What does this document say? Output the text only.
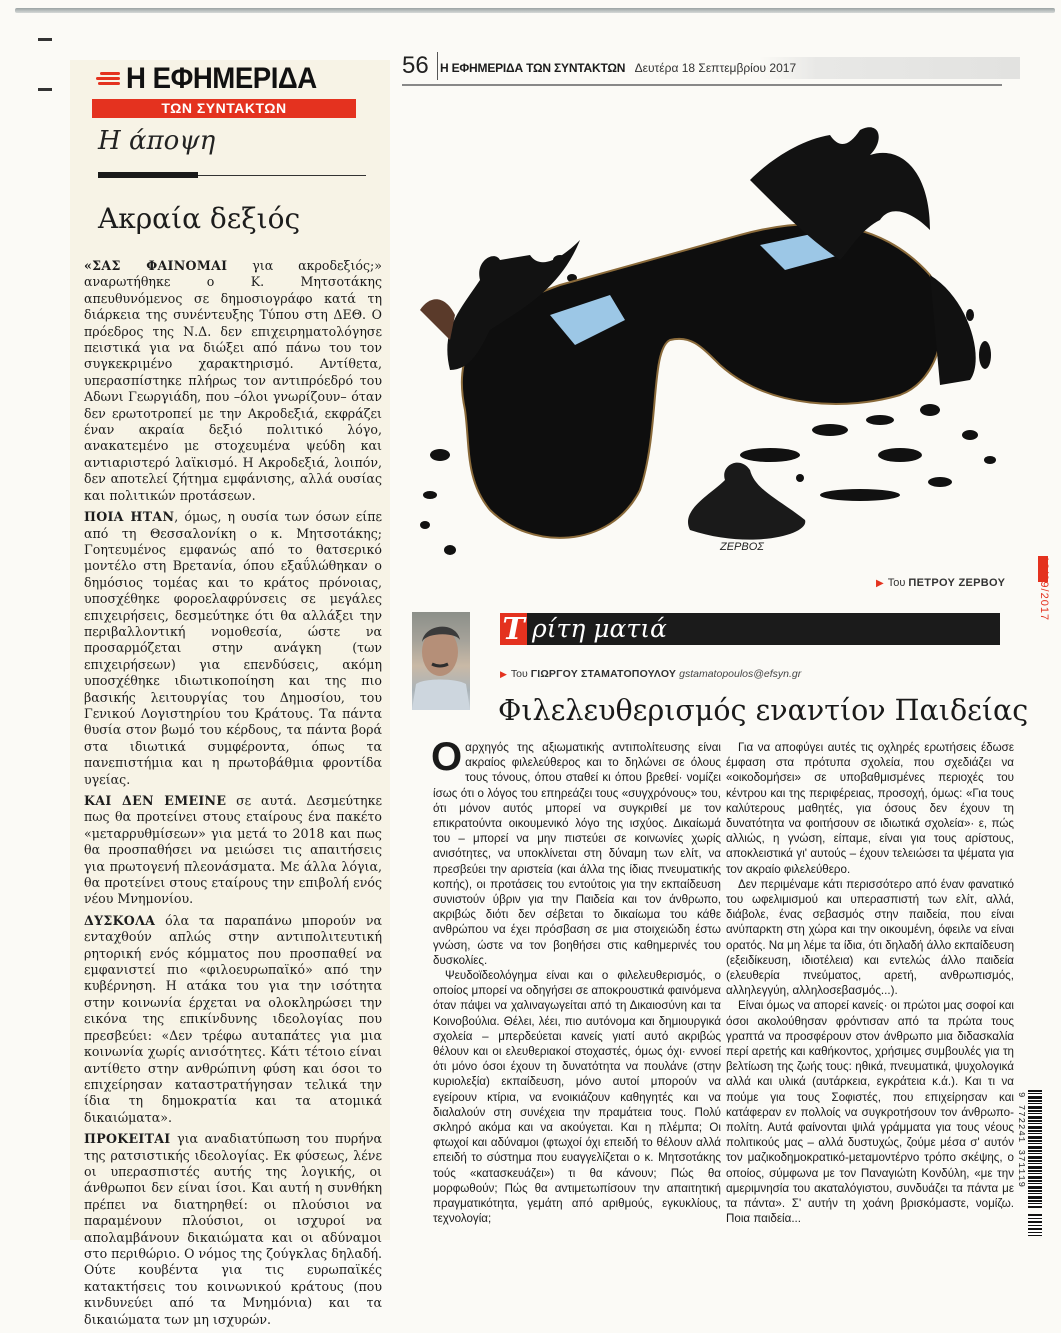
Η ΕΦΗΜΕΡΙΔΑ
ΤΩΝ ΣΥΝΤΑΚΤΩΝ
Η άποψη
Ακραία δεξιός

«ΣΑΣ ΦΑΙΝΟΜΑΙ για ακροδεξιός;» αναρωτήθηκε ο Κ. Μητσοτάκης απευθυνόμενος σε δημοσιογράφο κατά τη διάρκεια της συνέντευξης Τύπου στη ΔΕΘ. Ο πρόεδρος της Ν.Δ. δεν επιχειρηματολόγησε πειστικά για να διώξει από πάνω του τον συγκεκριμένο χαρακτηρισμό. Αντίθετα, υπερασπίστηκε πλήρως τον αντιπρόεδρό του Αδωνι Γεωργιάδη, που –όλοι γνωρίζουν– όταν δεν ερωτοτροπεί με την Ακροδεξιά, εκφράζει έναν ακραία δεξιό πολιτικό λόγο, ανακατεμένο με στοχευμένα ψεύδη και αντιαριστερό λαϊκισμό. Η Ακροδεξιά, λοιπόν, δεν αποτελεί ζήτημα εμφάνισης, αλλά ουσίας και πολιτικών προτάσεων.

ΠΟΙΑ ΗΤΑΝ, όμως, η ουσία των όσων είπε από τη Θεσσαλονίκη ο κ. Μητσοτάκης; Γοητευμένος εμφανώς από το θατσερικό μοντέλο στη Βρετανία, όπου εξαΰλώθηκαν ο δημόσιος τομέας και το κράτος πρόνοιας, υποσχέθηκε φοροελαφρύνσεις σε μεγάλες επιχειρήσεις, δεσμεύτηκε ότι θα αλλάξει την περιβαλλοντική νομοθεσία, ώστε να προσαρμόζεται στην ανάγκη (των επιχειρήσεων) για επενδύσεις, ακόμη υποσχέθηκε ιδιωτικοποίηση και της πιο βασικής λειτουργίας του Δημοσίου, του Γενικού Λογιστηρίου του Κράτους. Τα πάντα θυσία στον βωμό του κέρδους, τα πάντα βορά στα ιδιωτικά συμφέροντα, όπως τα πανεπιστήμια και η πρωτοβάθμια φροντίδα υγείας.

ΚΑΙ ΔΕΝ ΕΜΕΙΝΕ σε αυτά. Δεσμεύτηκε πως θα προτείνει στους εταίρους ένα πακέτο «μεταρρυθμίσεων» για μετά το 2018 και πως θα προσπαθήσει να μειώσει τις απαιτήσεις για πρωτογενή πλεονάσματα. Με άλλα λόγια, θα προτείνει στους εταίρους την επιβολή ενός νέου Μνημονίου.

ΔΥΣΚΟΛΑ όλα τα παραπάνω μπορούν να ενταχθούν απλώς στην αντιπολιτευτική ρητορική ενός κόμματος που προσπαθεί να εμφανιστεί πιο «φιλοευρωπαϊκό» από την κυβέρνηση. Η ατάκα του για την ισότητα στην κοινωνία έρχεται να ολοκληρώσει την εικόνα της επικίνδυνης ιδεολογίας που πρεσβεύει: «Δεν τρέφω αυταπάτες για μια κοινωνία χωρίς ανισότητες. Κάτι τέτοιο είναι αντίθετο στην ανθρώπινη φύση και όσοι το επιχείρησαν καταστρατήγησαν τελικά την ίδια τη δημοκρατία και τα ατομικά δικαιώματα».

ΠΡΟΚΕΙΤΑΙ για αναδιατύπωση του πυρήνα της ρατσιστικής ιδεολογίας. Εκ φύσεως, λένε οι υπερασπιστές αυτής της λογικής, οι άνθρωποι δεν είναι ίσοι. Και αυτή η συνθήκη πρέπει να διατηρηθεί: οι πλούσιοι να παραμένουν πλούσιοι, οι ισχυροί να απολαμβάνουν δικαιώματα και οι αδύναμοι στο περιθώριο. Ο νόμος της ζούγκλας δηλαδή. Ούτε κουβέντα για τις ευρωπαϊκές κατακτήσεις του κοινωνικού κράτους (που κινδυνεύει από τα Μνημόνια) και τα δικαιώματα των μη ισχυρών.

56 Η ΕΦΗΜΕΡΙΔΑ ΤΩΝ ΣΥΝΤΑΚΤΩΝ Δευτέρα 18 Σεπτεμβρίου 2017
ΖΕΡΒΟΣ
▶ Του ΠΕΤΡΟΥ ΖΕΡΒΟΥ	18/09/2017
Τ ρίτη ματιά
▶ Του ΓΙΩΡΓΟΥ ΣΤΑΜΑΤΟΠΟΥΛΟΥ gstamatopoulos@efsyn.gr
Φιλελευθερισμός εναντίον Παιδείας

Ο αρχηγός της αξιωματικής αντιπολίτευσης είναι ακραίος φιλελεύθερος και το δηλώνει σε όλους τους τόνους, όπου σταθεί κι όπου βρεθεί· νομίζει ίσως ότι ο λόγος του επηρεάζει τους «συγχρόνους» του, ότι μόνον αυτός μπορεί να συγκριθεί με τον επικρατούντα οικουμενικό λόγο της ισχύος. Δικαίωμά του – μπορεί να μην πιστεύει σε κοινωνίες χωρίς ανισότητες, να υποκλίνεται στη δύναμη των ελίτ, να πρεσβεύει την αριστεία (και άλλα της ίδιας πνευματικής κοπής), οι προτάσεις του εντούτοις για την εκπαίδευση συνιστούν ύβριν για την Παιδεία και τον άνθρωπο, ακριβώς διότι δεν σέβεται το δικαίωμα του κάθε ανθρώπου να έχει πρόσβαση σε μια στοιχειώδη έστω γνώση, ώστε να τον βοηθήσει στις καθημερινές του δυσκολίες.

Ψευδοϊδεολόγημα είναι και ο φιλελευθερισμός, ο οποίος μπορεί να οδηγήσει σε αποκρουστικά φαινόμενα όταν πάψει να χαλιναγωγείται από τη Δικαιοσύνη και τα Κοινοβούλια. Θέλει, λέει, πιο αυτόνομα και δημιουργικά σχολεία – μπερδεύεται κανείς γιατί αυτό ακριβώς θέλουν και οι ελευθεριακοί στοχαστές, όμως όχι· εννοεί ότι μόνο όσοι έχουν τη δυνατότητα να πουλάνε (στην κυριολεξία) εκπαίδευση, μόνο αυτοί μπορούν να εγείρουν κτίρια, να ενοικιάζουν καθηγητές και να διαλαλούν στη συνέχεια την πραμάτεια τους. Πολύ σκληρό ακόμα και να ακούγεται. Και η πλέμπα; Οι φτωχοί και αδύναμοι (φτωχοί όχι επειδή το θέλουν αλλά επειδή το σύστημα που ευαγγελίζεται ο κ. Μητσοτάκης τούς «κατασκευάζει») τι θα κάνουν; Πώς θα μορφωθούν; Πώς θα αντιμετωπίσουν την απαιτητική πραγματικότητα, γεμάτη από αριθμούς, εγκυκλίους, τεχνολογία;

Για να αποφύγει αυτές τις οχληρές ερωτήσεις έδωσε έμφαση στα πρότυπα σχολεία, που σχεδιάζει να «οικοδομήσει» σε υποβαθμισμένες περιοχές του κέντρου και της περιφέρειας, προσοχή, όμως: «Για τους καλύτερους μαθητές, για όσους δεν έχουν τη δυνατότητα να φοιτήσουν σε ιδιωτικά σχολεία»· ε, πώς αλλιώς, η γνώση, είπαμε, είναι για τους αρίστους, αποκλειστικά γι' αυτούς – έχουν τελειώσει τα ψέματα για τον ακραίο φιλελεύθερο.

Δεν περιμέναμε κάτι περισσότερο από έναν φανατικό του ωφελιμισμού και υπερασπιστή των ελίτ, αλλά, διάβολε, ένας σεβασμός στην παιδεία, που είναι ανύπαρκτη στη χώρα και την οικουμένη, όφειλε να είναι ορατός. Να μη λέμε τα ίδια, ότι δηλαδή άλλο εκπαίδευση (εξειδίκευση, ιδιοτέλεια) και εντελώς άλλο παιδεία (ελευθερία πνεύματος, αρετή, ανθρωπισμός, αλληλεγγύη, αλληλοσεβασμός...).

Είναι όμως να απορεί κανείς· οι πρώτοι μας σοφοί και όσοι ακολούθησαν φρόντισαν από τα πρώτα τους γραπτά να προσφέρουν στον άνθρωπο μια διδασκαλία περί αρετής και καθήκοντος, χρήσιμες συμβουλές για τη βελτίωση της ζωής τους: ηθικά, πνευματικά, ψυχολογικά αλλά και υλικά (αυτάρκεια, εγκράτεια κ.ά.). Και τι να πούμε για τους Σοφιστές, που επιχείρησαν και κατάφεραν εν πολλοίς να συγκροτήσουν τον άνθρωπο-πολίτη. Αυτά φαίνονται ψιλά γράμματα για τους νέους πολιτικούς μας – αλλά δυστυχώς, ζούμε μέσα σ' αυτόν τον μαζικοδημοκρατικό-μεταμοντέρνο τρόπο σκέψης, ο οποίος, σύμφωνα με τον Παναγιώτη Κονδύλη, «με την αμεριμνησία του ακαταλόγιστου, συνδυάζει τα πάντα με τα πάντα». Σ' αυτήν τη χοάνη βρισκόμαστε, νομίζω. Ποια παιδεία...

9 772241 371119
